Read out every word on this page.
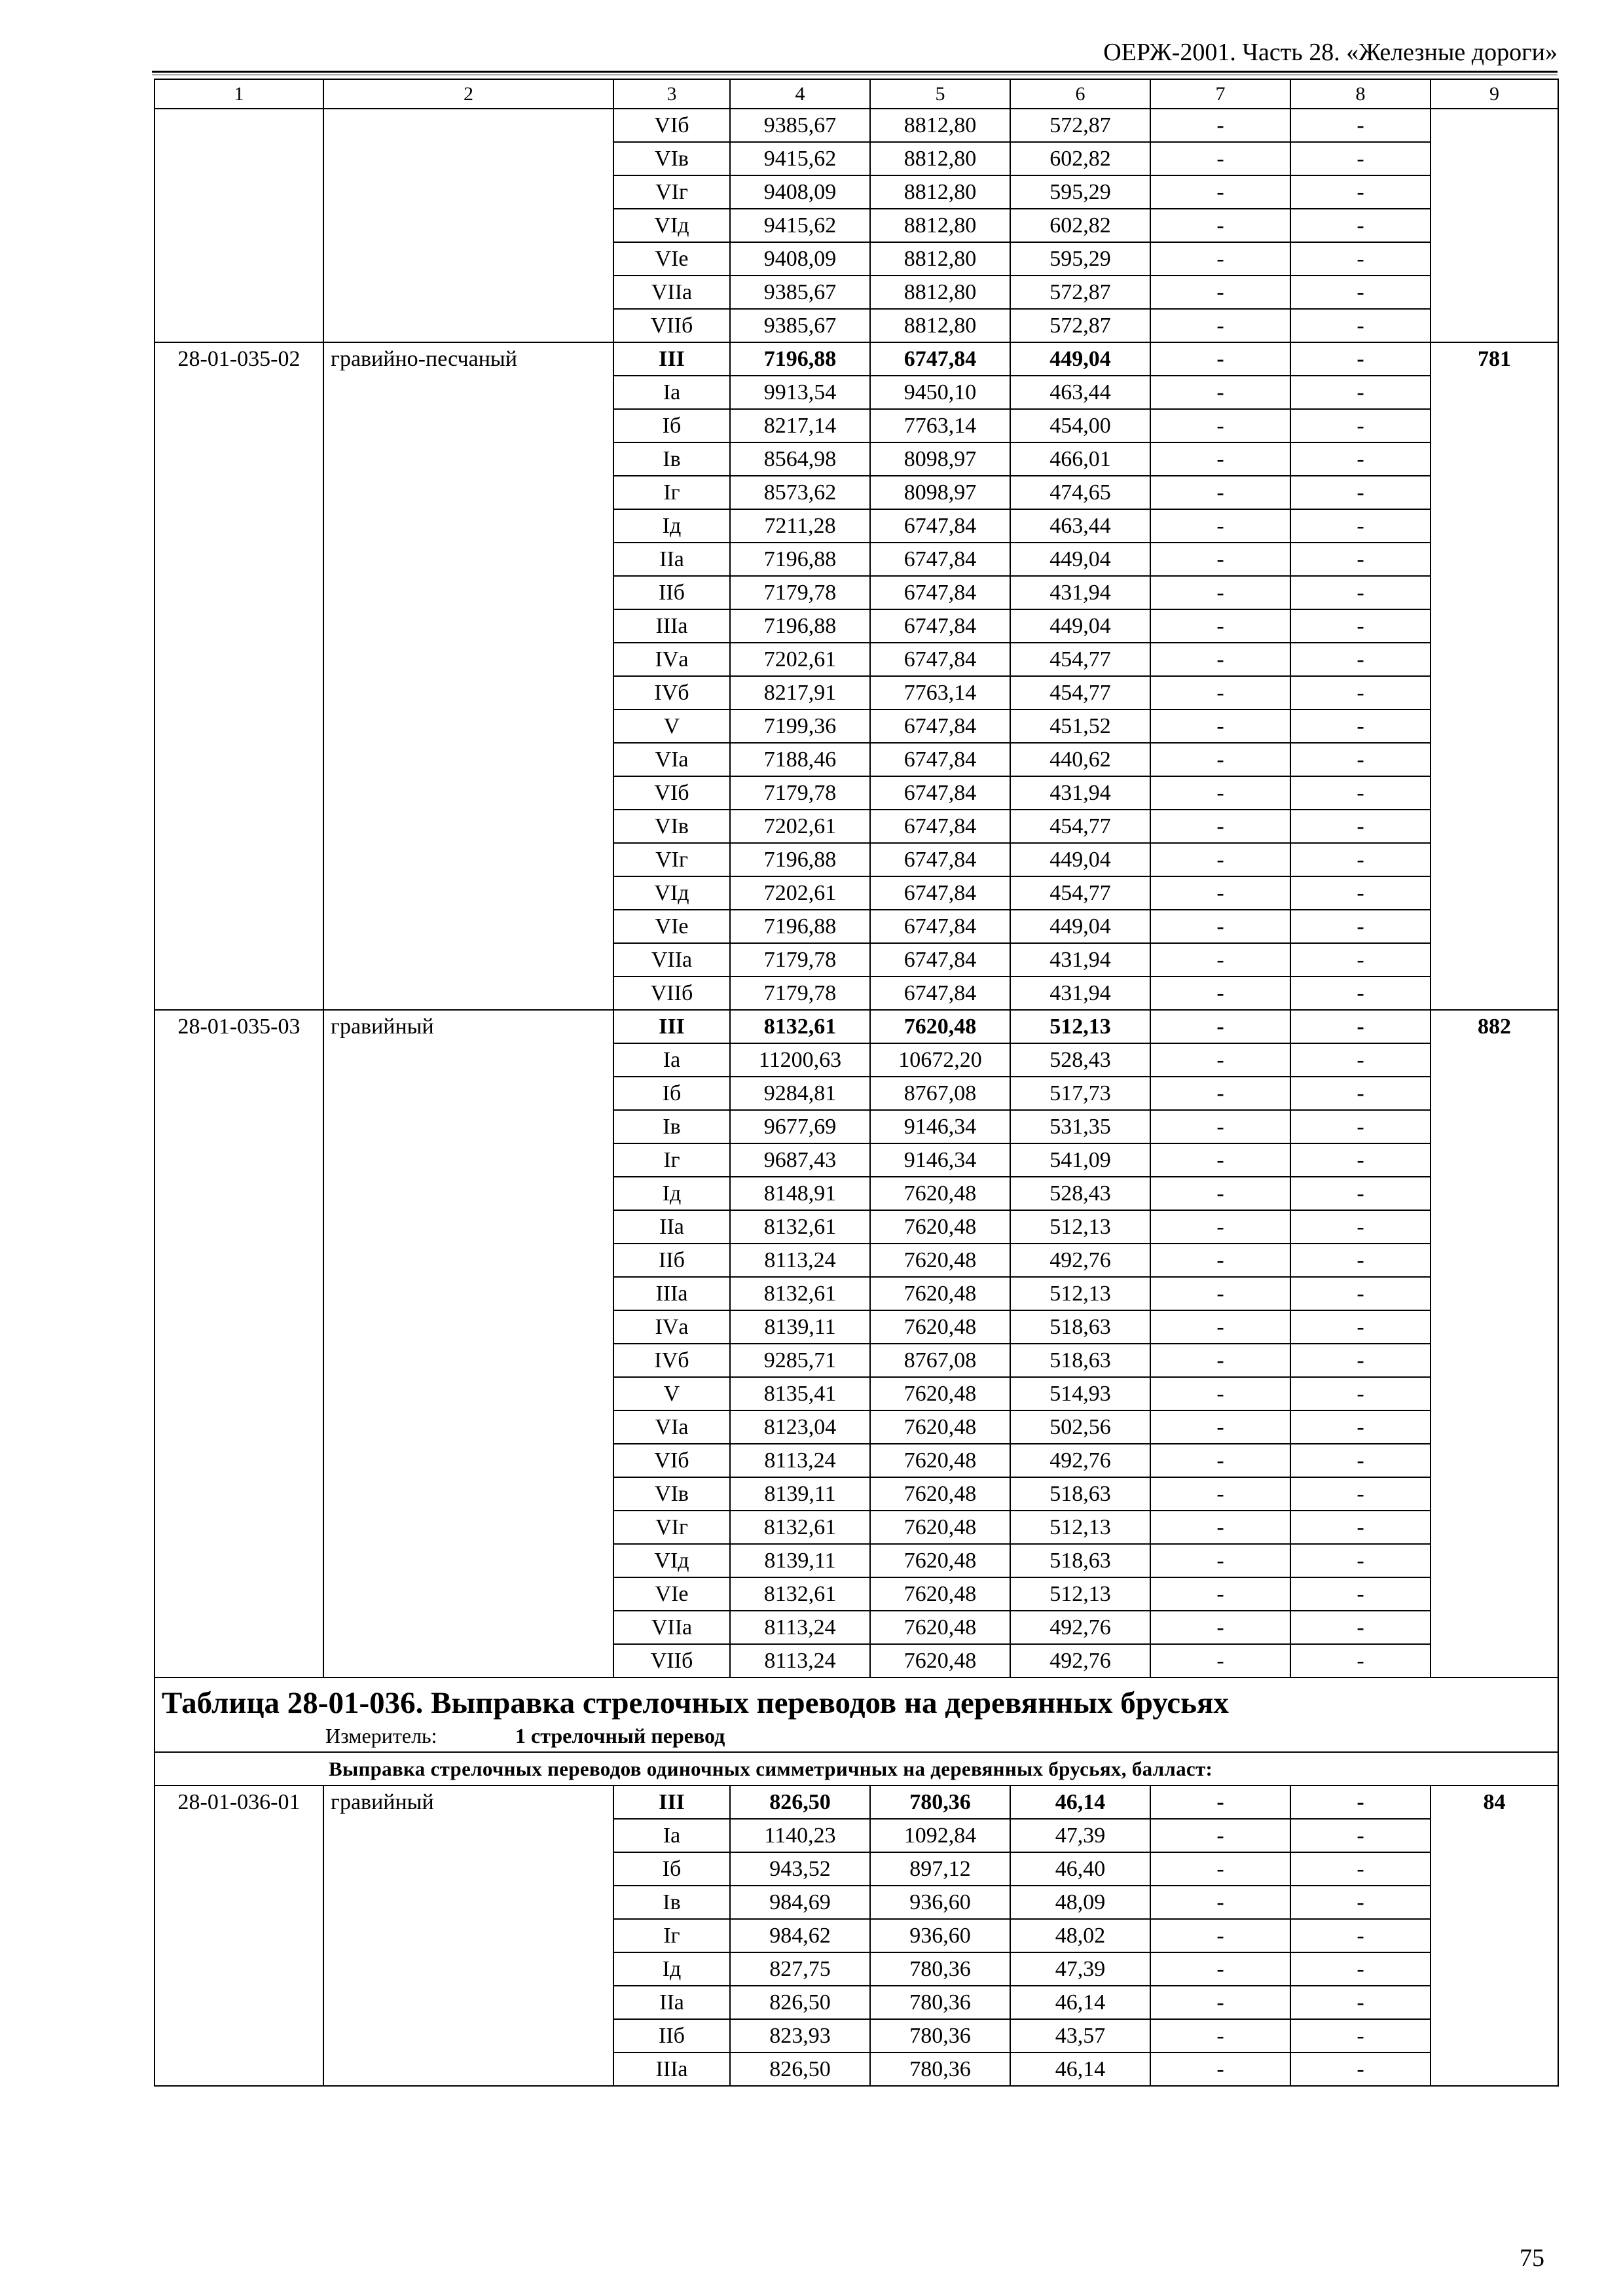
ОЕРЖ-2001. Часть 28. «Железные дороги»
1	2	3	4	5	6	7	8	9
		VIб	9385,67	8812,80	572,87	-	-	
		VIв	9415,62	8812,80	602,82	-	-	
		VIг	9408,09	8812,80	595,29	-	-	
		VIд	9415,62	8812,80	602,82	-	-	
		VIе	9408,09	8812,80	595,29	-	-	
		VIIа	9385,67	8812,80	572,87	-	-	
		VIIб	9385,67	8812,80	572,87	-	-	
28-01-035-02	гравийно-песчаный	III	7196,88	6747,84	449,04	-	-	781
		Iа	9913,54	9450,10	463,44	-	-	
		Iб	8217,14	7763,14	454,00	-	-	
		Iв	8564,98	8098,97	466,01	-	-	
		Iг	8573,62	8098,97	474,65	-	-	
		Iд	7211,28	6747,84	463,44	-	-	
		IIа	7196,88	6747,84	449,04	-	-	
		IIб	7179,78	6747,84	431,94	-	-	
		IIIа	7196,88	6747,84	449,04	-	-	
		IVа	7202,61	6747,84	454,77	-	-	
		IVб	8217,91	7763,14	454,77	-	-	
		V	7199,36	6747,84	451,52	-	-	
		VIа	7188,46	6747,84	440,62	-	-	
		VIб	7179,78	6747,84	431,94	-	-	
		VIв	7202,61	6747,84	454,77	-	-	
		VIг	7196,88	6747,84	449,04	-	-	
		VIд	7202,61	6747,84	454,77	-	-	
		VIе	7196,88	6747,84	449,04	-	-	
		VIIа	7179,78	6747,84	431,94	-	-	
		VIIб	7179,78	6747,84	431,94	-	-	
28-01-035-03	гравийный	III	8132,61	7620,48	512,13	-	-	882
		Iа	11200,63	10672,20	528,43	-	-	
		Iб	9284,81	8767,08	517,73	-	-	
		Iв	9677,69	9146,34	531,35	-	-	
		Iг	9687,43	9146,34	541,09	-	-	
		Iд	8148,91	7620,48	528,43	-	-	
		IIа	8132,61	7620,48	512,13	-	-	
		IIб	8113,24	7620,48	492,76	-	-	
		IIIа	8132,61	7620,48	512,13	-	-	
		IVа	8139,11	7620,48	518,63	-	-	
		IVб	9285,71	8767,08	518,63	-	-	
		V	8135,41	7620,48	514,93	-	-	
		VIа	8123,04	7620,48	502,56	-	-	
		VIб	8113,24	7620,48	492,76	-	-	
		VIв	8139,11	7620,48	518,63	-	-	
		VIг	8132,61	7620,48	512,13	-	-	
		VIд	8139,11	7620,48	518,63	-	-	
		VIе	8132,61	7620,48	512,13	-	-	
		VIIа	8113,24	7620,48	492,76	-	-	
		VIIб	8113,24	7620,48	492,76	-	-	

Таблица 28-01-036. Выправка стрелочных переводов на деревянных брусьях
Измеритель: 1 стрелочный перевод								

Выправка стрелочных переводов одиночных симметричных на деревянных брусьях, балласт:								
28-01-036-01	гравийный	III	826,50	780,36	46,14	-	-	84
		Iа	1140,23	1092,84	47,39	-	-	
		Iб	943,52	897,12	46,40	-	-	
		Iв	984,69	936,60	48,09	-	-	
		Iг	984,62	936,60	48,02	-	-	
		Iд	827,75	780,36	47,39	-	-	
		IIа	826,50	780,36	46,14	-	-	
		IIб	823,93	780,36	43,57	-	-	
		IIIа	826,50	780,36	46,14	-	-	
75
